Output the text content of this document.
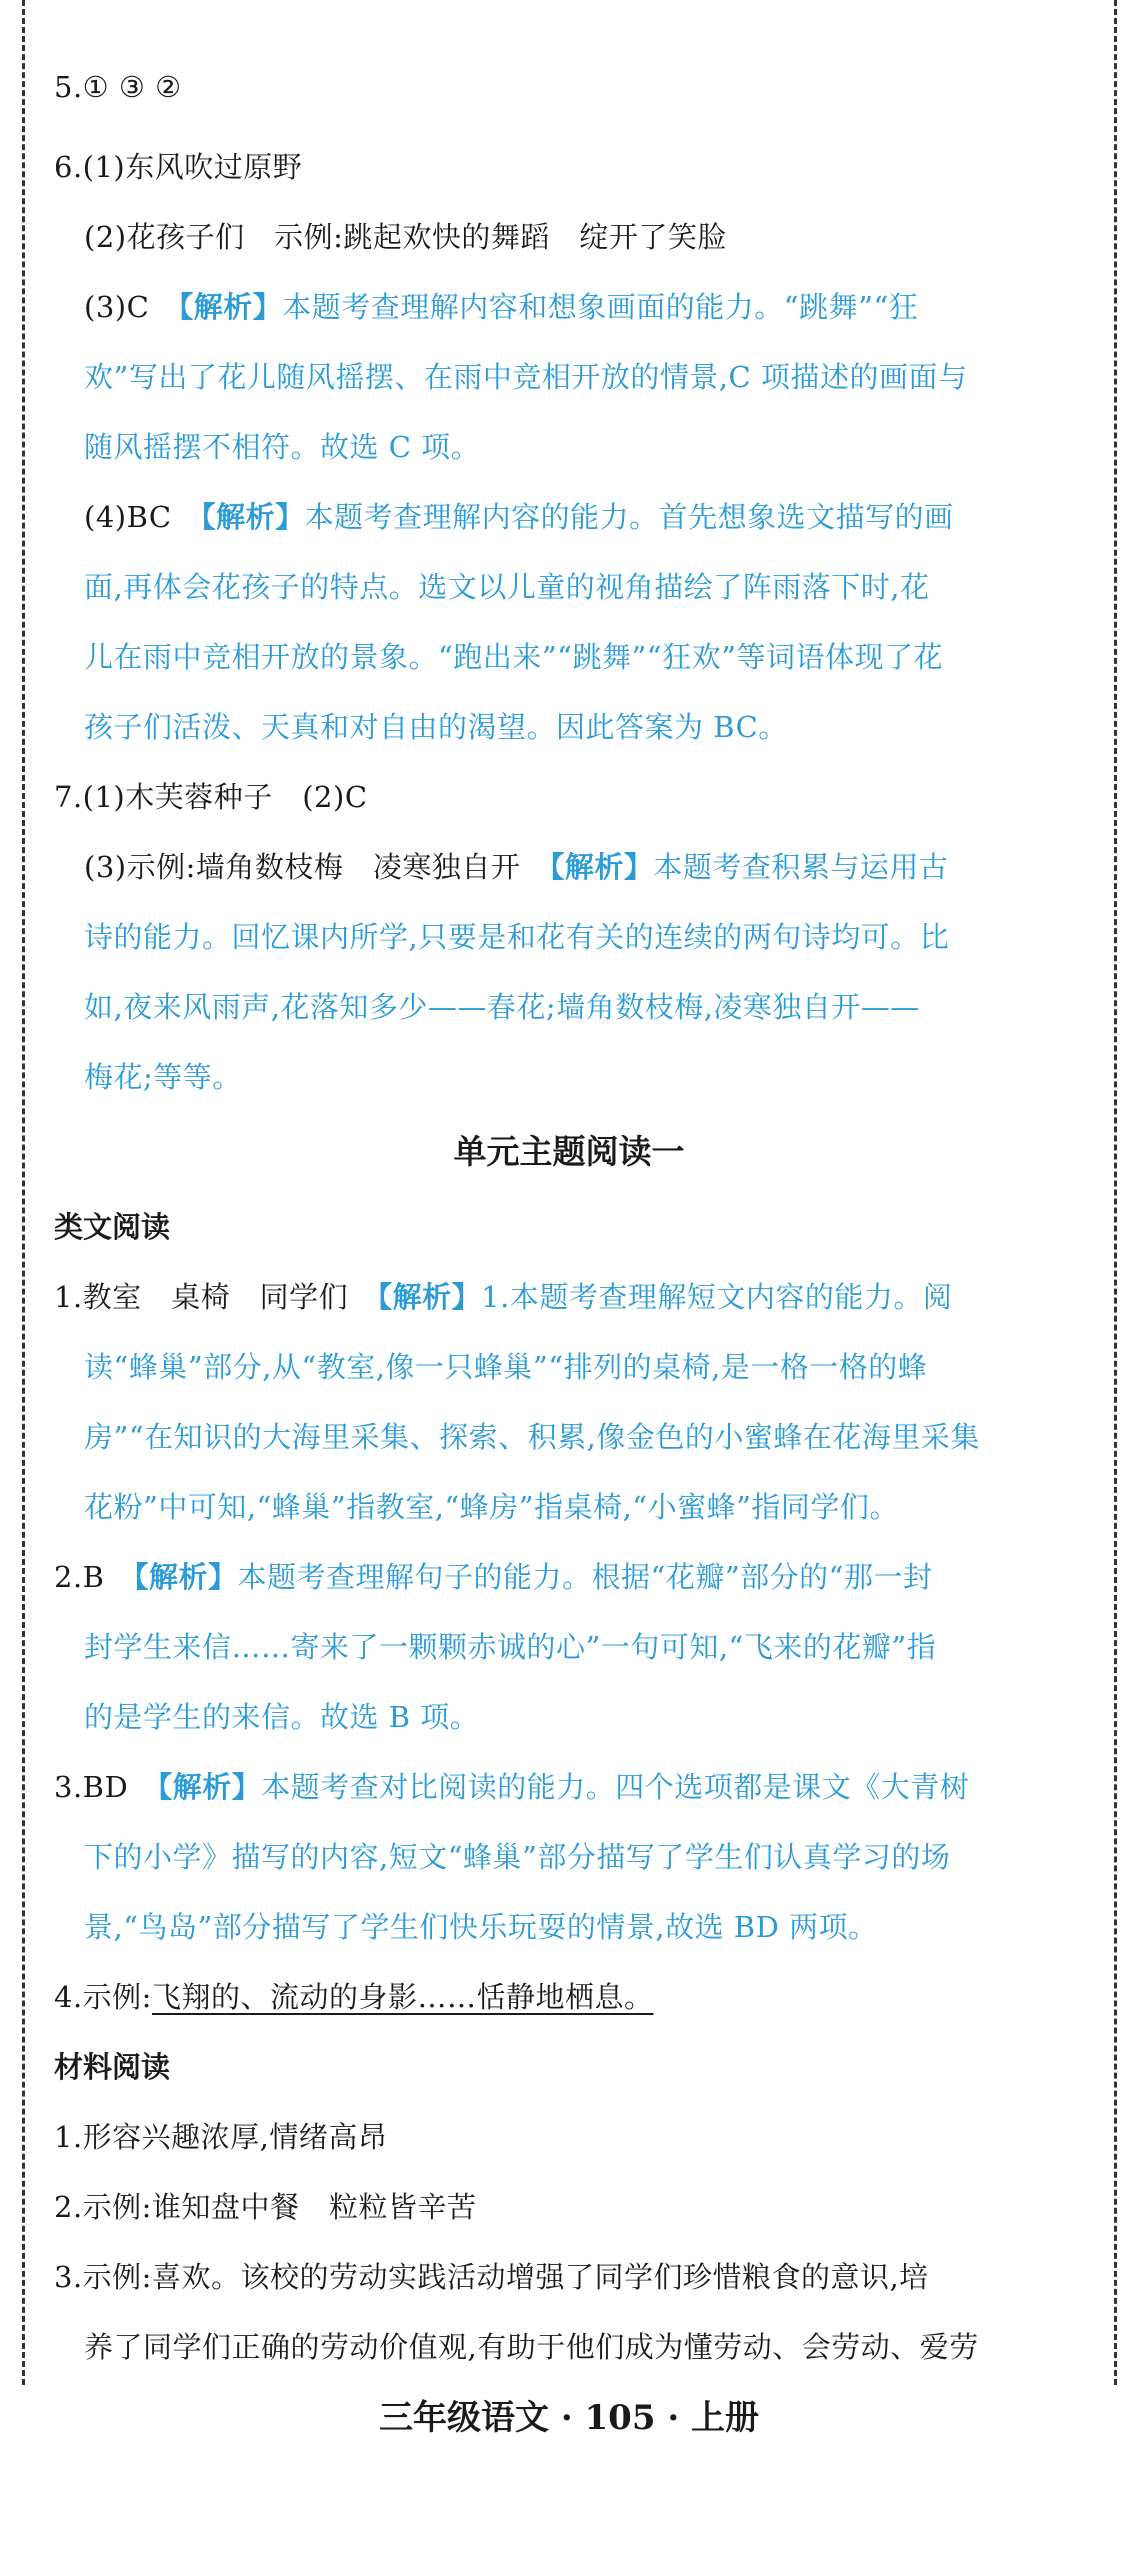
5.① ③ ②
6.(1)东风吹过原野
(2)花孩子们　示例:跳起欢快的舞蹈　绽开了笑脸
(3)C　【解析】本题考查理解内容和想象画面的能力。“跳舞”“狂
欢”写出了花儿随风摇摆、在雨中竞相开放的情景,C 项描述的画面与
随风摇摆不相符。故选 C 项。
(4)BC　【解析】本题考查理解内容的能力。首先想象选文描写的画
面,再体会花孩子的特点。选文以儿童的视角描绘了阵雨落下时,花
儿在雨中竞相开放的景象。“跑出来”“跳舞”“狂欢”等词语体现了花
孩子们活泼、天真和对自由的渴望。因此答案为 BC。
7.(1)木芙蓉种子　(2)C
(3)示例:墙角数枝梅　凌寒独自开　【解析】本题考查积累与运用古
诗的能力。回忆课内所学,只要是和花有关的连续的两句诗均可。比
如,夜来风雨声,花落知多少——春花;墙角数枝梅,凌寒独自开——
梅花;等等。
单元主题阅读一
类文阅读
1.教室　桌椅　同学们　【解析】1.本题考查理解短文内容的能力。阅
读“蜂巢”部分,从“教室,像一只蜂巢”“排列的桌椅,是一格一格的蜂
房”“在知识的大海里采集、探索、积累,像金色的小蜜蜂在花海里采集
花粉”中可知,“蜂巢”指教室,“蜂房”指桌椅,“小蜜蜂”指同学们。
2.B　【解析】本题考查理解句子的能力。根据“花瓣”部分的“那一封
封学生来信……寄来了一颗颗赤诚的心”一句可知,“飞来的花瓣”指
的是学生的来信。故选 B 项。
3.BD　【解析】本题考查对比阅读的能力。四个选项都是课文《大青树
下的小学》描写的内容,短文“蜂巢”部分描写了学生们认真学习的场
景,“鸟岛”部分描写了学生们快乐玩耍的情景,故选 BD 两项。
4.示例:飞翔的、流动的身影……恬静地栖息。
材料阅读
1.形容兴趣浓厚,情绪高昂
2.示例:谁知盘中餐　粒粒皆辛苦
3.示例:喜欢。该校的劳动实践活动增强了同学们珍惜粮食的意识,培
养了同学们正确的劳动价值观,有助于他们成为懂劳动、会劳动、爱劳
三年级语文 · 105 · 上册
